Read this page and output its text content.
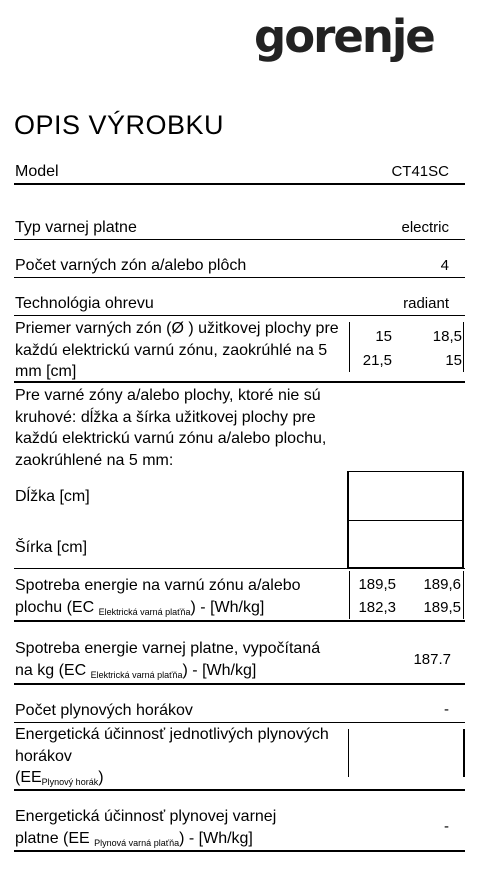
gorenje
OPIS VÝROBKU
Model	CT41SC
Typ varnej platne	electric
Počet varných zón a/alebo plôch	4
Technológia ohrevu	radiant
Priemer varných zón (Ø ) užitkovej plochy pre
každú elektrickú varnú zónu, zaokrúhlé na 5
mm [cm]
15	18,5
21,5	15
Pre varné zóny a/alebo plochy, ktoré nie sú
kruhové: dĺžka a šírka užitkovej plochy pre
každú elektrickú varnú zónu a/alebo plochu,
zaokrúhlené na 5 mm:
Dĺžka [cm]
Šírka [cm]
Spotreba energie na varnú zónu a/alebo
plochu (EC $_{Elektrická varná plaťňa}$) - [Wh/kg]
189,5 189,6
182,3 189,5
Spotreba energie varnej platne, vypočítaná
na kg (EC $_{Elektrická varná plaťňa}$) - [Wh/kg]
187.7
Počet plynových horákov	-
Energetická účinnosť jednotlivých plynových
horákov
$(EE_{Plynový horák})$
Energetická účinnosť plynovej varnej
platne (EE $_{Plynová varná plaťňa}$) - [Wh/kg]
-
